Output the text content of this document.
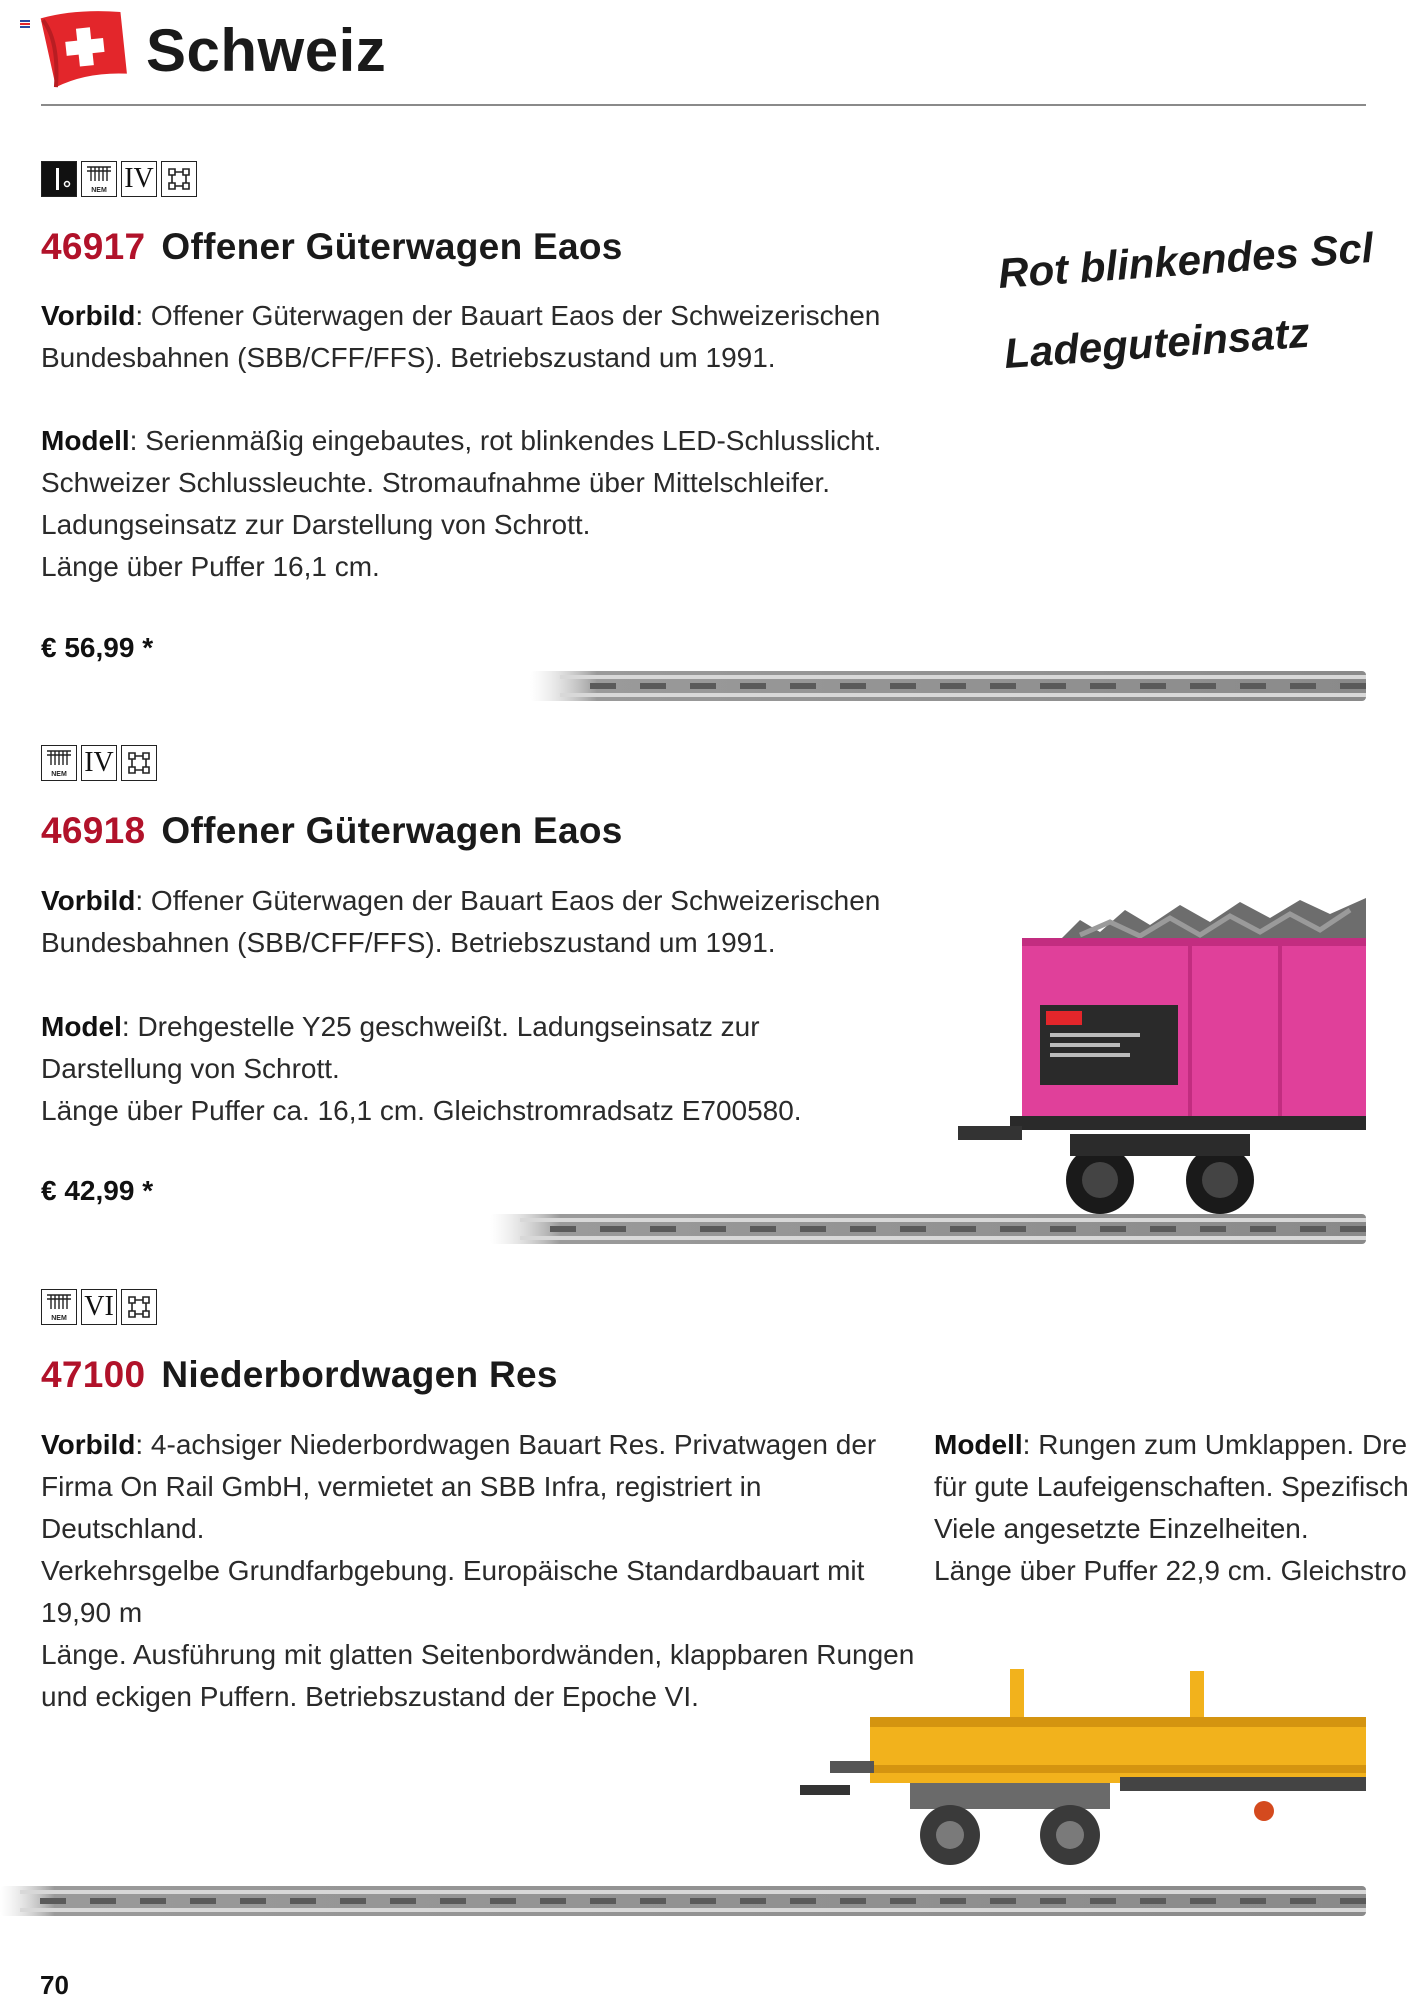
Schweiz
NEM IV
46917 Offener Güterwagen Eaos
Vorbild: Offener Güterwagen der Bauart Eaos der Schweizerischen
Bundesbahnen (SBB/CFF/FFS). Betriebszustand um 1991.
Modell: Serienmäßig eingebautes, rot blinkendes LED-Schlusslicht.
Schweizer Schlussleuchte. Stromaufnahme über Mittelschleifer.
Ladungseinsatz zur Darstellung von Schrott.
Länge über Puffer 16,1 cm.
€ 56,99 *
Rot blinkendes Scl
Ladeguteinsatz
NEM IV
46918 Offener Güterwagen Eaos
Vorbild: Offener Güterwagen der Bauart Eaos der Schweizerischen
Bundesbahnen (SBB/CFF/FFS). Betriebszustand um 1991.
Model: Drehgestelle Y25 geschweißt. Ladungseinsatz zur
Darstellung von Schrott.
Länge über Puffer ca. 16,1 cm. Gleichstromradsatz E700580.
€ 42,99 *
NEM VI
47100 Niederbordwagen Res
Vorbild: 4-achsiger Niederbordwagen Bauart Res. Privatwagen der
Firma On Rail GmbH, vermietet an SBB Infra, registriert in Deutschland.
Verkehrsgelbe Grundfarbgebung. Europäische Standardbauart mit 19,90 m
Länge. Ausführung mit glatten Seitenbordwänden, klappbaren Rungen
und eckigen Puffern. Betriebszustand der Epoche VI.
Modell: Rungen zum Umklappen. Dre
für gute Laufeigenschaften. Spezifisch
Viele angesetzte Einzelheiten.
Länge über Puffer 22,9 cm. Gleichstro
70
